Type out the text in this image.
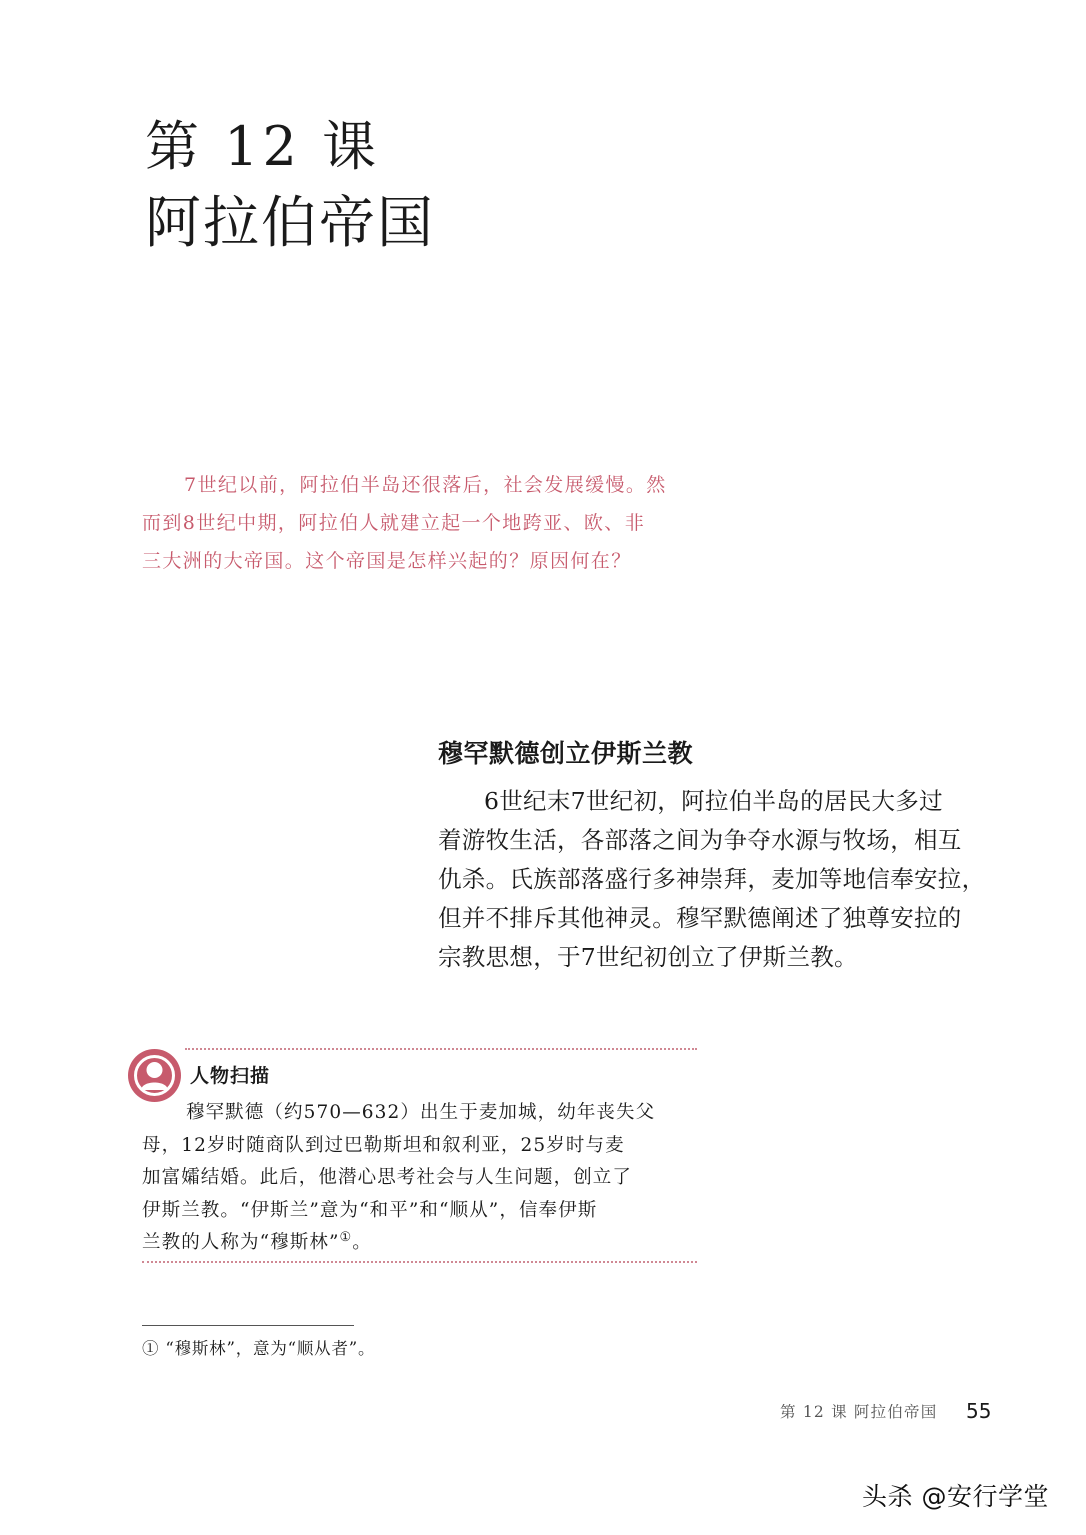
第 12 课
阿拉伯帝国

7世纪以前，阿拉伯半岛还很落后，社会发展缓慢。然
而到8世纪中期，阿拉伯人就建立起一个地跨亚、欧、非
三大洲的大帝国。这个帝国是怎样兴起的？原因何在？

穆罕默德创立伊斯兰教

6世纪末7世纪初，阿拉伯半岛的居民大多过
着游牧生活，各部落之间为争夺水源与牧场，相互
仇杀。氏族部落盛行多神崇拜，麦加等地信奉安拉，
但并不排斥其他神灵。穆罕默德阐述了独尊安拉的
宗教思想，于7世纪初创立了伊斯兰教。

人物扫描

穆罕默德（约570—632）出生于麦加城，幼年丧失父
母，12岁时随商队到过巴勒斯坦和叙利亚，25岁时与麦
加富孀结婚。此后，他潜心思考社会与人生问题，创立了
伊斯兰教。“伊斯兰”意为“和平”和“顺从”，信奉伊斯
兰教的人称为“穆斯林”①。

① “穆斯林”，意为“顺从者”。
第 12 课 阿拉伯帝国 55
头杀 @安行学堂
